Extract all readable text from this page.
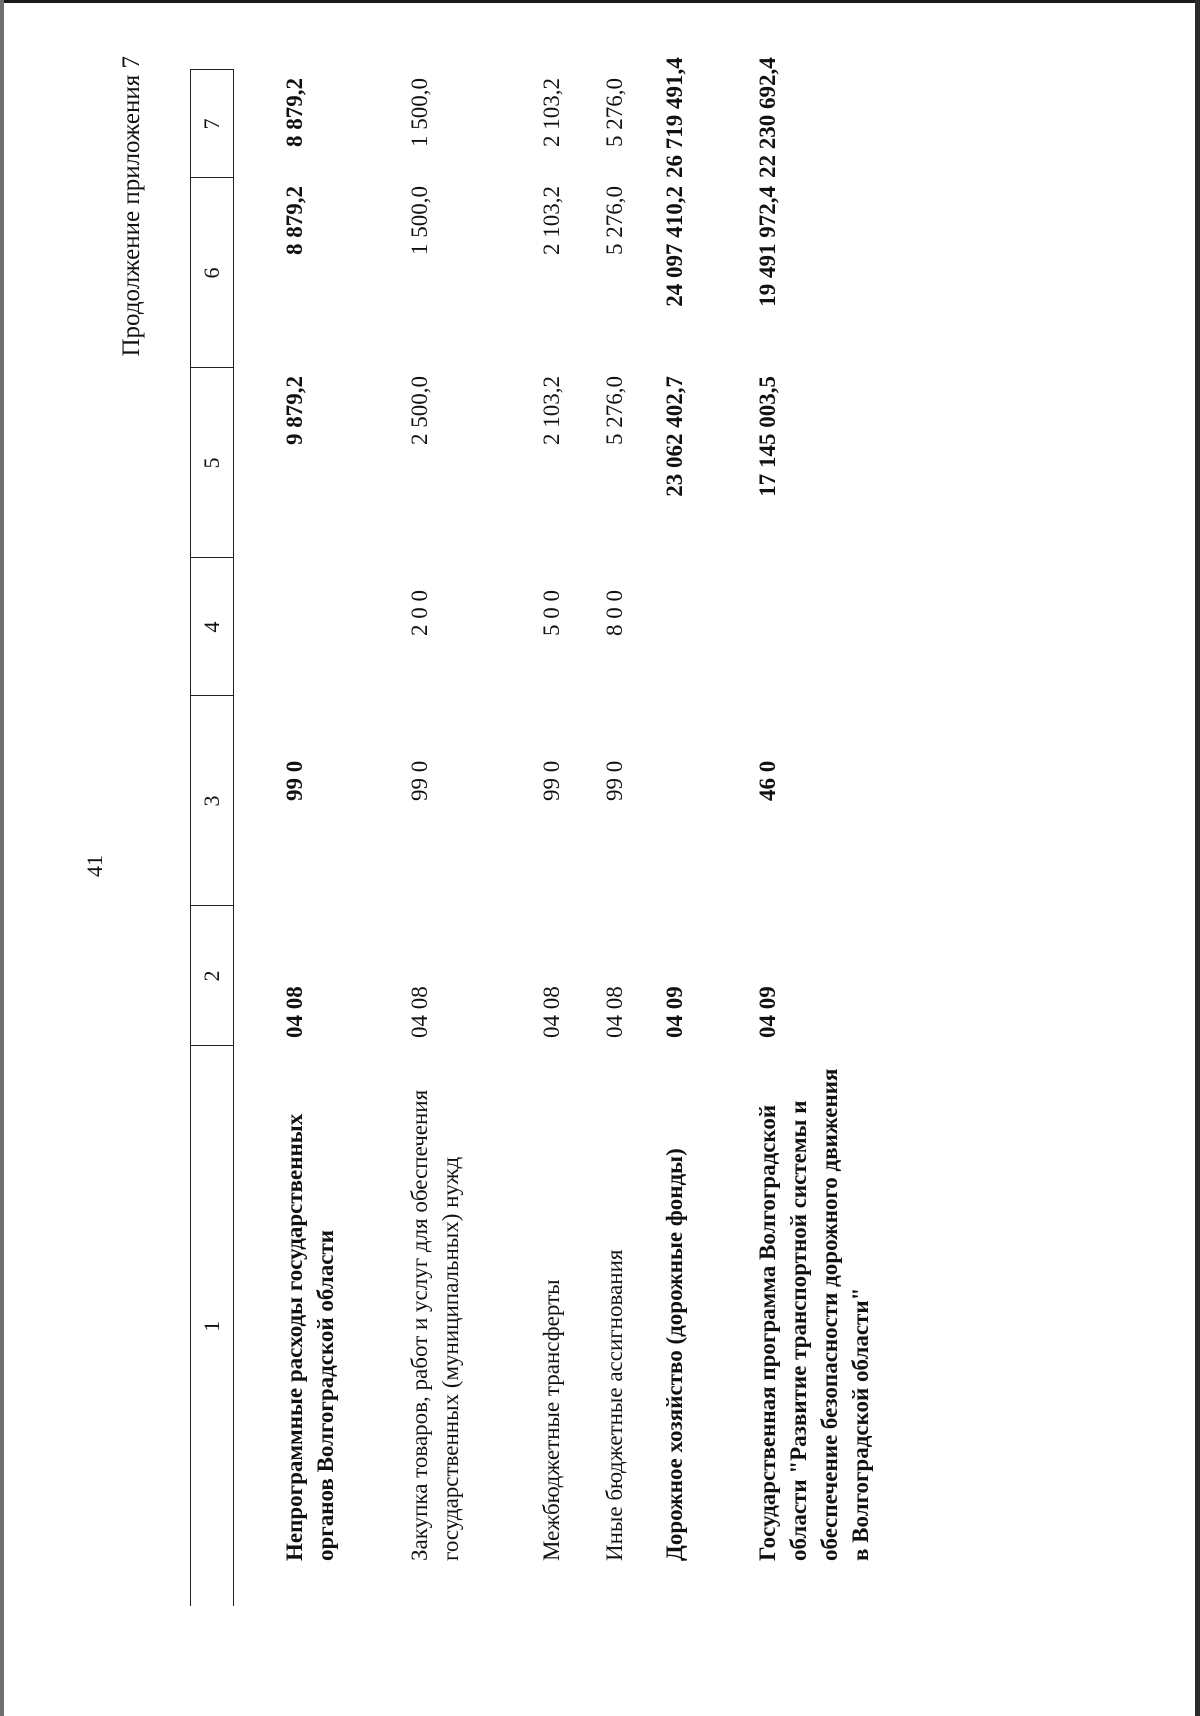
41
Продолжение приложения 7
1	2	3	4	5	6	7
Непрограммные расходы государственных органов Волгоградской области	04 08	99 0		9 879,2	8 879,2	8 879,2
Закупка товаров, работ и услуг для обеспечения государственных (муниципальных) нужд	04 08	99 0	2 0 0	2 500,0	1 500,0	1 500,0
Межбюджетные трансферты	04 08	99 0	5 0 0	2 103,2	2 103,2	2 103,2
Иные бюджетные ассигнования	04 08	99 0	8 0 0	5 276,0	5 276,0	5 276,0
Дорожное хозяйство (дорожные фонды)	04 09			23 062 402,7	24 097 410,2	26 719 491,4
Государственная программа Волгоградской области "Развитие транспортной системы и обеспечение безопасности дорожного движения в Волгоградской области"	04 09	46 0		17 145 003,5	19 491 972,4	22 230 692,4
